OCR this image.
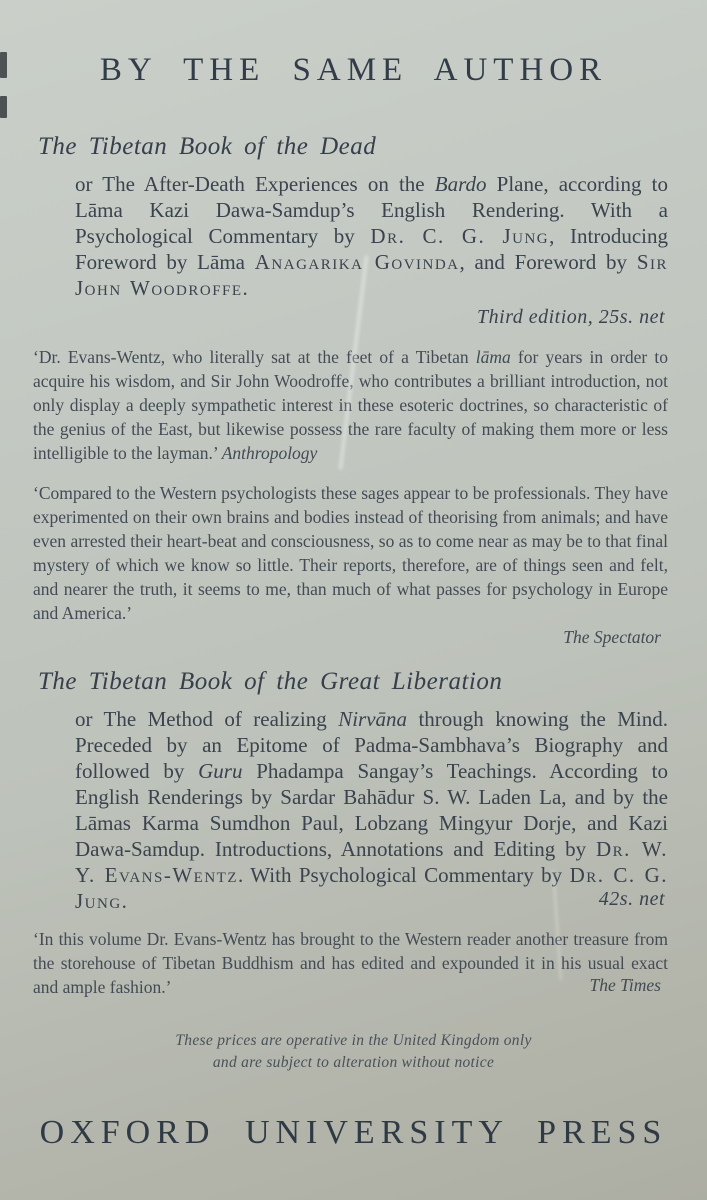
BY THE SAME AUTHOR
The Tibetan Book of the Dead

or The After-Death Experiences on the Bardo Plane, according to Lāma Kazi Dawa-Samdup’s English Rendering. With a Psychological Commentary by Dr. C. G. Jung, Introducing Foreword by Lāma Anagarika Govinda, and Foreword by Sir John Woodroffe.

Third edition, 25s. net

‘Dr. Evans-Wentz, who literally sat at the feet of a Tibetan lāma for years in order to acquire his wisdom, and Sir John Woodroffe, who contributes a brilliant introduction, not only display a deeply sympathetic interest in these esoteric doctrines, so characteristic of the genius of the East, but likewise possess the rare faculty of making them more or less intelligible to the layman.’ Anthropology

‘Compared to the Western psychologists these sages appear to be professionals. They have experimented on their own brains and bodies instead of theorising from animals; and have even arrested their heart-beat and consciousness, so as to come near as may be to that final mystery of which we know so little. Their reports, therefore, are of things seen and felt, and nearer the truth, it seems to me, than much of what passes for psychology in Europe and America.’

The Spectator
The Tibetan Book of the Great Liberation

or The Method of realizing Nirvāna through knowing the Mind. Preceded by an Epitome of Padma-Sambhava’s Biography and followed by Guru Phadampa Sangay’s Teachings. According to English Renderings by Sardar Bahādur S. W. Laden La, and by the Lāmas Karma Sumdhon Paul, Lobzang Mingyur Dorje, and Kazi Dawa-Samdup. Introductions, Annotations and Editing by Dr. W. Y. Evans-Wentz. With Psychological Commentary by Dr. C. G. Jung.	42s. net

‘In this volume Dr. Evans-Wentz has brought to the Western reader another treasure from the storehouse of Tibetan Buddhism and has edited and expounded it in his usual exact and ample fashion.’	The Times
These prices are operative in the United Kingdom only
and are subject to alteration without notice
OXFORD UNIVERSITY PRESS
